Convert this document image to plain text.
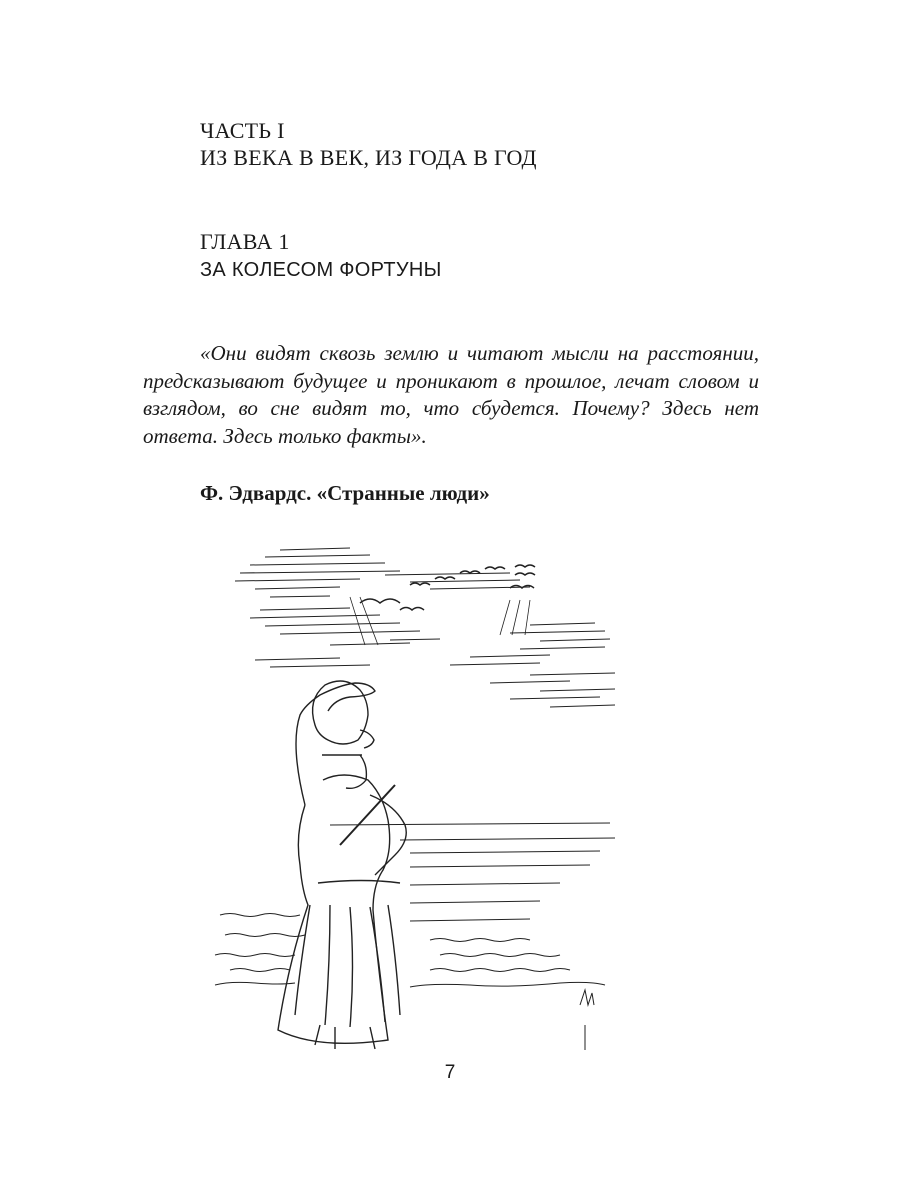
ЧАСТЬ I
ИЗ ВЕКА В ВЕК, ИЗ ГОДА В ГОД
ГЛАВА 1
ЗА КОЛЕСОМ ФОРТУНЫ

«Они видят сквозь землю и читают мысли на расстоянии, предсказывают будущее и проникают в прошлое, лечат словом и взглядом, во сне видят то, что сбудется. Почему? Здесь нет ответа. Здесь только факты».

Ф. Эдвардс. «Странные люди»
7
